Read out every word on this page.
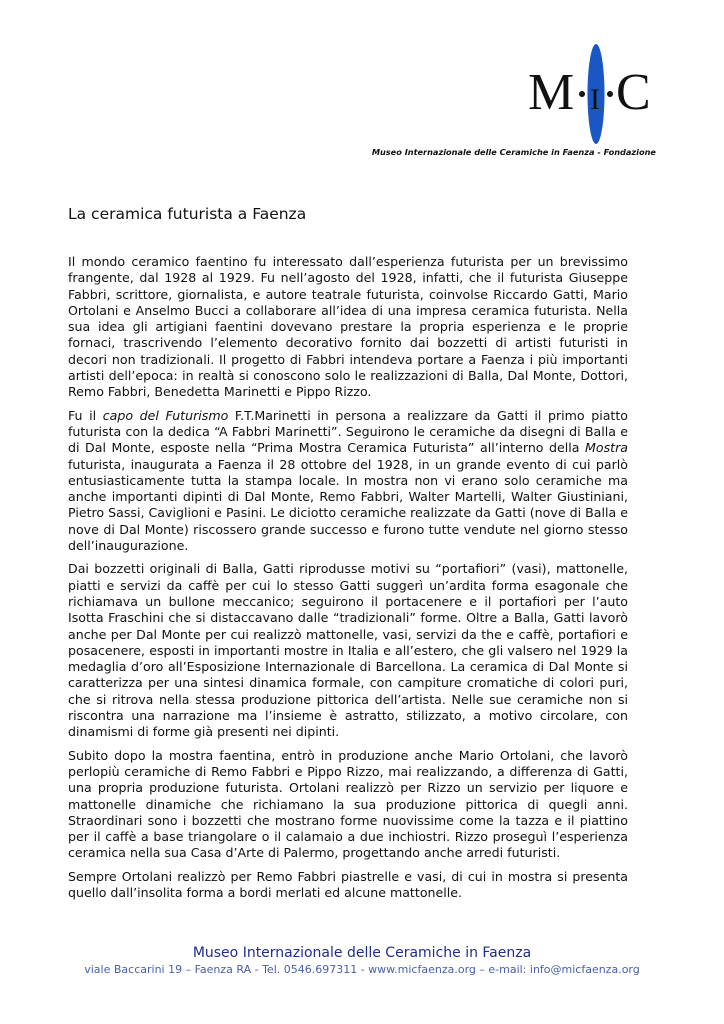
M I C
Museo Internazionale delle Ceramiche in Faenza - Fondazione
La ceramica futurista a Faenza

Il mondo ceramico faentino fu interessato dall’esperienza futurista per un brevissimo frangente, dal 1928 al 1929. Fu nell’agosto del 1928, infatti, che il futurista Giuseppe Fabbri, scrittore, giornalista, e autore teatrale futurista, coinvolse Riccardo Gatti, Mario Ortolani e Anselmo Bucci a collaborare all’idea di una impresa ceramica futurista. Nella sua idea gli artigiani faentini dovevano prestare la propria esperienza e le proprie fornaci, trascrivendo l’elemento decorativo fornito dai bozzetti di artisti futuristi in decori non tradizionali. Il progetto di Fabbri intendeva portare a Faenza i più importanti artisti dell’epoca: in realtà si conoscono solo le realizzazioni di Balla, Dal Monte, Dottori, Remo Fabbri, Benedetta Marinetti e Pippo Rizzo.

Fu il capo del Futurismo F.T.Marinetti in persona a realizzare da Gatti il primo piatto futurista con la dedica “A Fabbri Marinetti”. Seguirono le ceramiche da disegni di Balla e di Dal Monte, esposte nella “Prima Mostra Ceramica Futurista” all’interno della Mostra futurista, inaugurata a Faenza il 28 ottobre del 1928, in un grande evento di cui parlò entusiasticamente tutta la stampa locale. In mostra non vi erano solo ceramiche ma anche importanti dipinti di Dal Monte, Remo Fabbri, Walter Martelli, Walter Giustiniani, Pietro Sassi, Caviglioni e Pasini. Le diciotto ceramiche realizzate da Gatti (nove di Balla e nove di Dal Monte) riscossero grande successo e furono tutte vendute nel giorno stesso dell’inaugurazione.

Dai bozzetti originali di Balla, Gatti riprodusse motivi su “portafiori” (vasi), mattonelle, piatti e servizi da caffè per cui lo stesso Gatti suggerì un’ardita forma esagonale che richiamava un bullone meccanico; seguirono il portacenere e il portafiori per l’auto Isotta Fraschini che si distaccavano dalle “tradizionali” forme. Oltre a Balla, Gatti lavorò anche per Dal Monte per cui realizzò mattonelle, vasi, servizi da the e caffè, portafiori e posacenere, esposti in importanti mostre in Italia e all’estero, che gli valsero nel 1929 la medaglia d’oro all’Esposizione Internazionale di Barcellona. La ceramica di Dal Monte si caratterizza per una sintesi dinamica formale, con campiture cromatiche di colori puri, che si ritrova nella stessa produzione pittorica dell’artista. Nelle sue ceramiche non si riscontra una narrazione ma l’insieme è astratto, stilizzato, a motivo circolare, con dinamismi di forme già presenti nei dipinti.

Subito dopo la mostra faentina, entrò in produzione anche Mario Ortolani, che lavorò perlopiù ceramiche di Remo Fabbri e Pippo Rizzo, mai realizzando, a differenza di Gatti, una propria produzione futurista. Ortolani realizzò per Rizzo un servizio per liquore e mattonelle dinamiche che richiamano la sua produzione pittorica di quegli anni. Straordinari sono i bozzetti che mostrano forme nuovissime come la tazza e il piattino per il caffè a base triangolare o il calamaio a due inchiostri. Rizzo proseguì l’esperienza ceramica nella sua Casa d’Arte di Palermo, progettando anche arredi futuristi.

Sempre Ortolani realizzò per Remo Fabbri piastrelle e vasi, di cui in mostra si presenta quello dall’insolita forma a bordi merlati ed alcune mattonelle.

Museo Internazionale delle Ceramiche in Faenza
viale Baccarini 19 – Faenza RA - Tel. 0546.697311 - www.micfaenza.org – e-mail: info@micfaenza.org
